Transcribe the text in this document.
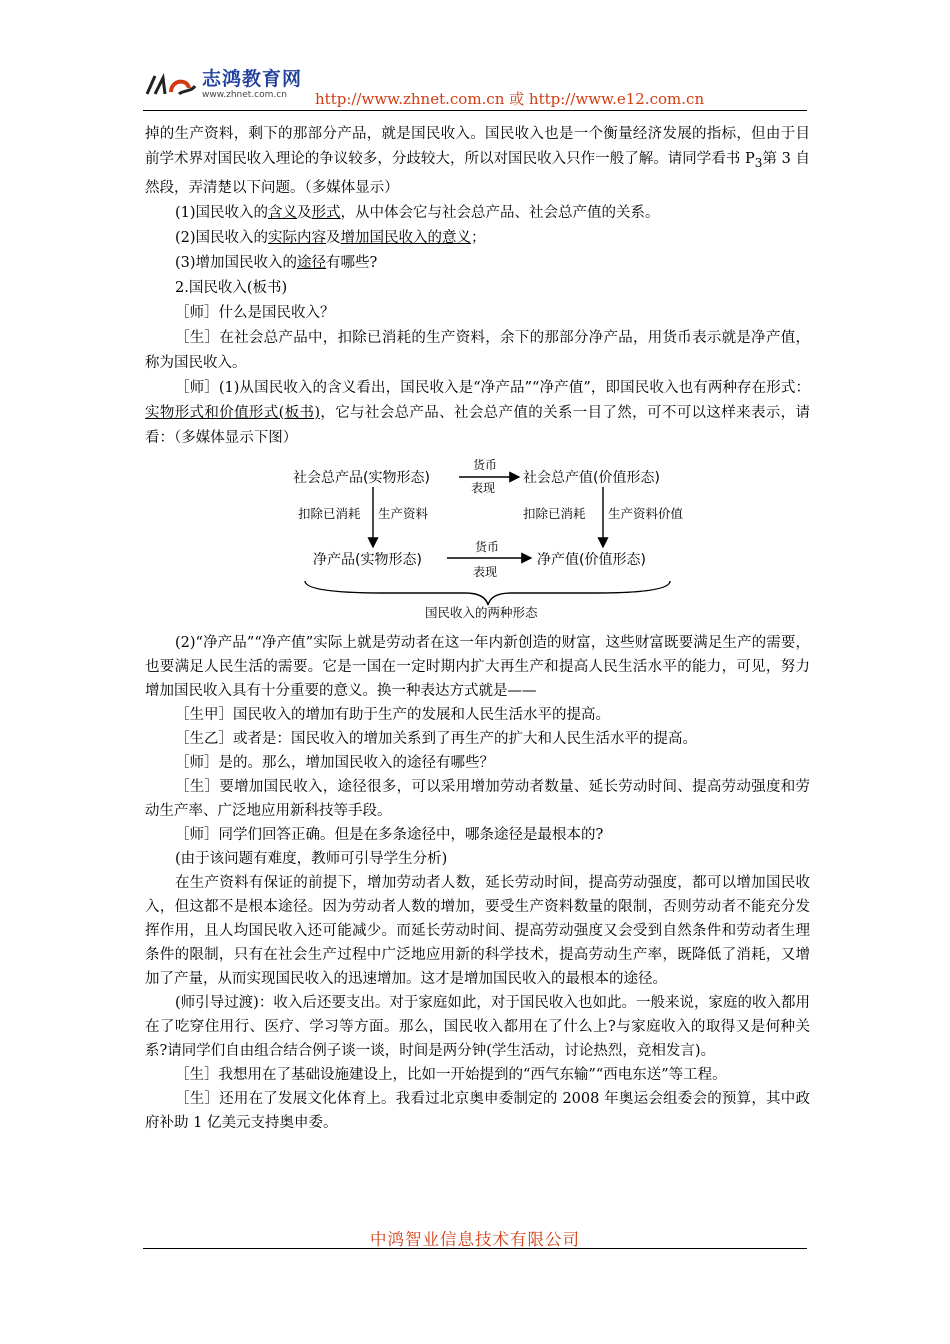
志鸿教育网
www.zhnet.com.cn http://www.zhnet.com.cn 或 http://www.e12.com.cn

掉的生产资料，剩下的那部分产品，就是国民收入。国民收入也是一个衡量经济发展的指标，但由于目前学术界对国民收入理论的争议较多，分歧较大，所以对国民收入只作一般了解。请同学看书 $P_3$第 3 自然段，弄清楚以下问题。（多媒体显示）

(1)国民收入的含义及形式，从中体会它与社会总产品、社会总产值的关系。

(2)国民收入的实际内容及增加国民收入的意义；

(3)增加国民收入的途径有哪些?

2.国民收入(板书)

［师］什么是国民收入？

［生］在社会总产品中，扣除已消耗的生产资料，余下的那部分净产品，用货币表示就是净产值，称为国民收入。

［师］(1)从国民收入的含义看出，国民收入是“净产品”“净产值”，即国民收入也有两种存在形式：实物形式和价值形式(板书)，它与社会总产品、社会总产值的关系一目了然，可不可以这样来表示，请看：（多媒体显示下图）

社会总产品(实物形态)	社会总产值(价值形态)
货币
表现
扣除已消耗 生产资料	扣除已消耗 生产资料价值
净产品(实物形态)	净产值(价值形态)
货币
表现
国民收入的两种形态

(2)“净产品”“净产值”实际上就是劳动者在这一年内新创造的财富，这些财富既要满足生产的需要，也要满足人民生活的需要。它是一国在一定时期内扩大再生产和提高人民生活水平的能力，可见，努力增加国民收入具有十分重要的意义。换一种表达方式就是——

［生甲］国民收入的增加有助于生产的发展和人民生活水平的提高。

［生乙］或者是：国民收入的增加关系到了再生产的扩大和人民生活水平的提高。

［师］是的。那么，增加国民收入的途径有哪些？

［生］要增加国民收入，途径很多，可以采用增加劳动者数量、延长劳动时间、提高劳动强度和劳动生产率、广泛地应用新科技等手段。

［师］同学们回答正确。但是在多条途径中，哪条途径是最根本的?

(由于该问题有难度，教师可引导学生分析)

在生产资料有保证的前提下，增加劳动者人数，延长劳动时间，提高劳动强度，都可以增加国民收入，但这都不是根本途径。因为劳动者人数的增加，要受生产资料数量的限制，否则劳动者不能充分发挥作用，且人均国民收入还可能减少。而延长劳动时间、提高劳动强度又会受到自然条件和劳动者生理条件的限制，只有在社会生产过程中广泛地应用新的科学技术，提高劳动生产率，既降低了消耗，又增加了产量，从而实现国民收入的迅速增加。这才是增加国民收入的最根本的途径。

(师引导过渡)：收入后还要支出。对于家庭如此，对于国民收入也如此。一般来说，家庭的收入都用在了吃穿住用行、医疗、学习等方面。那么，国民收入都用在了什么上?与家庭收入的取得又是何种关系?请同学们自由组合结合例子谈一谈，时间是两分钟(学生活动，讨论热烈，竞相发言)。

［生］我想用在了基础设施建设上，比如一开始提到的“西气东输”“西电东送”等工程。

［生］还用在了发展文化体育上。我看过北京奥申委制定的 2008 年奥运会组委会的预算，其中政府补助 1 亿美元支持奥申委。

中鸿智业信息技术有限公司
